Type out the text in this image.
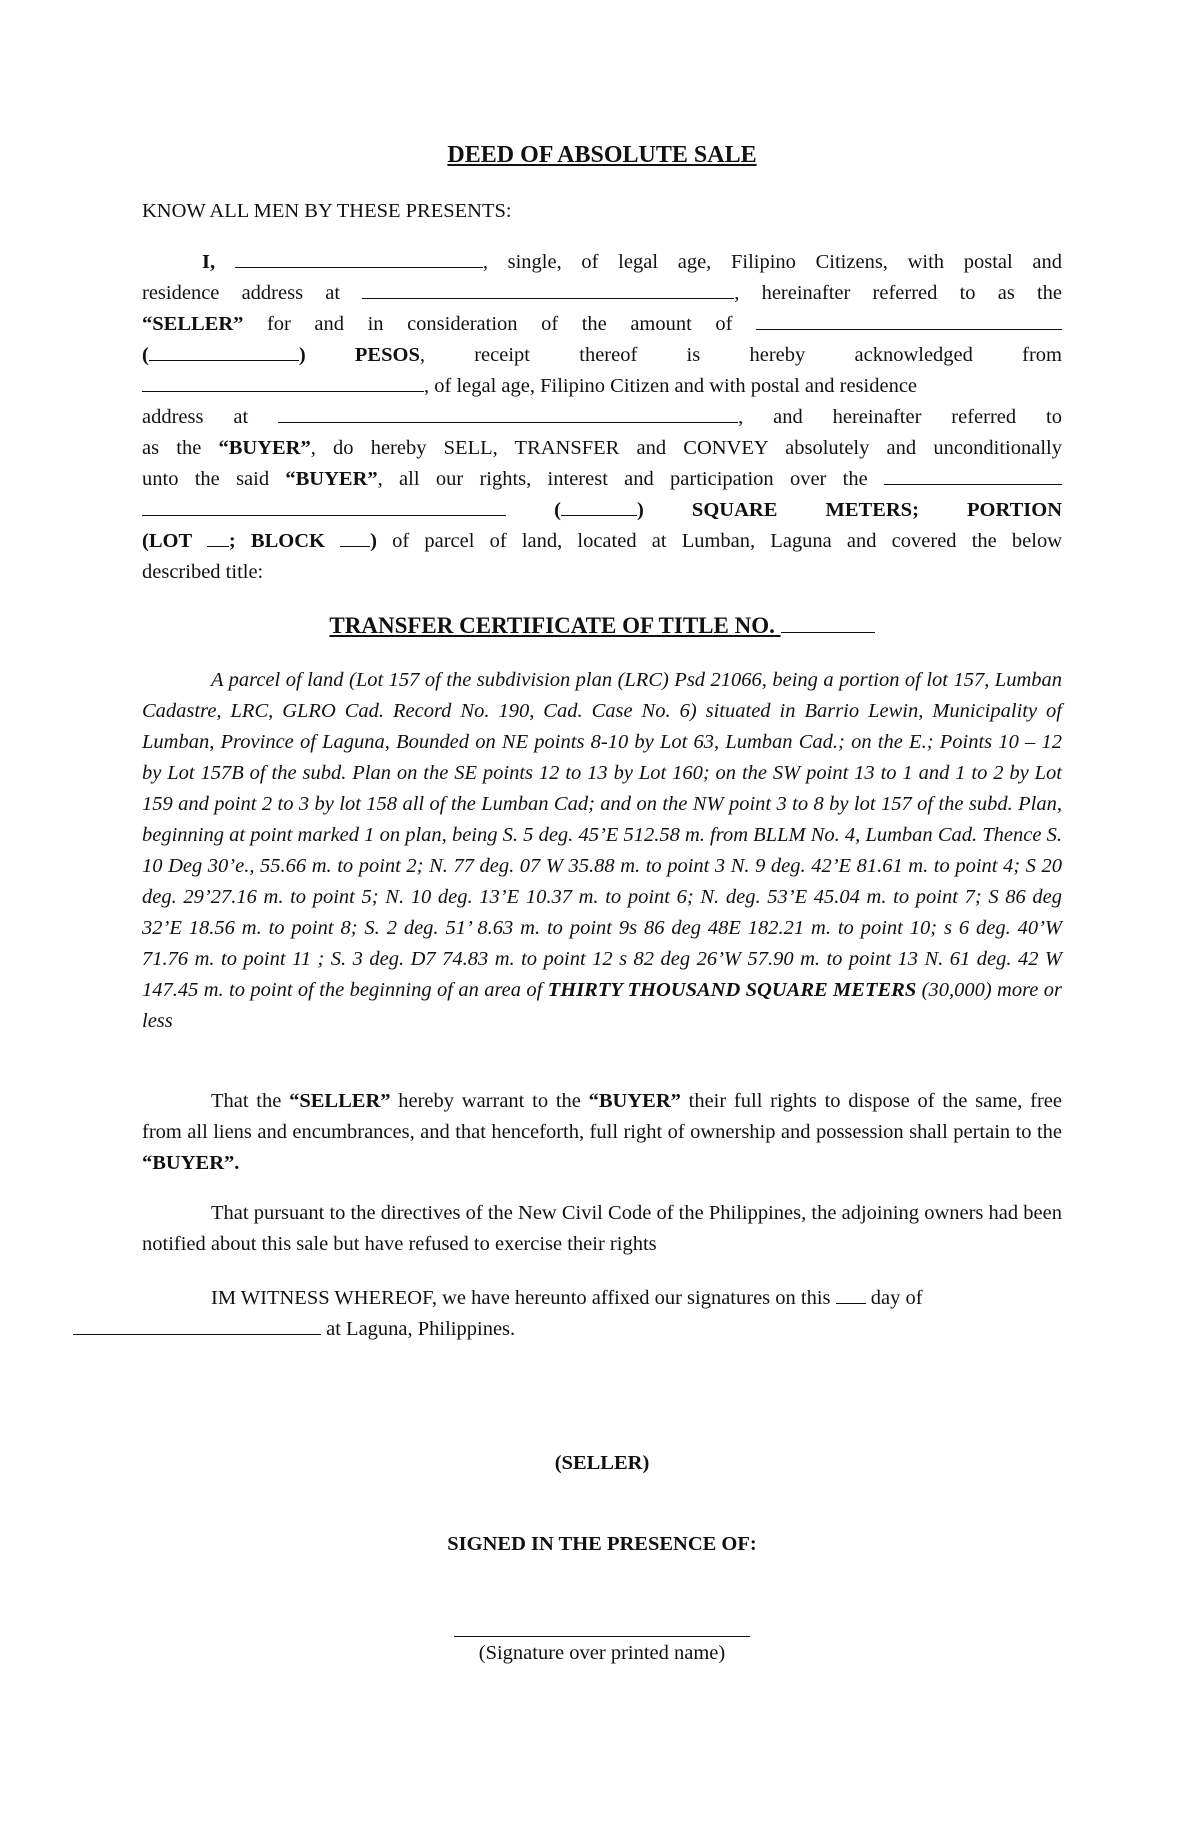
DEED OF ABSOLUTE SALE
KNOW ALL MEN BY THESE PRESENTS:
I,	, single, of legal age, Filipino Citizens, with postal and
residence address at	, hereinafter referred to as the
“SELLER” for and in consideration of the amount of
(	) PESOS, receipt thereof is hereby acknowledged from
, of legal age, Filipino Citizen and with postal and residence
address at	, and hereinafter referred to
as the “BUYER”, do hereby SELL, TRANSFER and CONVEY absolutely and unconditionally
unto the said “BUYER”, all our rights, interest and participation over the
(	) SQUARE METERS; PORTION
(LOT ; BLOCK ) of parcel of land, located at Lumban, Laguna and covered the below
described title:
TRANSFER CERTIFICATE OF TITLE NO.
A parcel of land (Lot 157 of the subdivision plan (LRC) Psd 21066, being a portion of lot 157, Lumban Cadastre, LRC, GLRO Cad. Record No. 190, Cad. Case No. 6) situated in Barrio Lewin, Municipality of Lumban, Province of Laguna, Bounded on NE points 8-10 by Lot 63, Lumban Cad.; on the E.; Points 10 – 12 by Lot 157B of the subd. Plan on the SE points 12 to 13 by Lot 160; on the SW point 13 to 1 and 1 to 2 by Lot 159 and point 2 to 3 by lot 158 all of the Lumban Cad; and on the NW point 3 to 8 by lot 157 of the subd. Plan, beginning at point marked 1 on plan, being S. 5 deg. 45’E 512.58 m. from BLLM No. 4, Lumban Cad. Thence S. 10 Deg 30’e., 55.66 m. to point 2; N. 77 deg. 07 W 35.88 m. to point 3 N. 9 deg. 42’E 81.61 m. to point 4; S 20 deg. 29’27.16 m. to point 5; N. 10 deg. 13’E 10.37 m. to point 6; N. deg. 53’E 45.04 m. to point 7; S 86 deg 32’E 18.56 m. to point 8; S. 2 deg. 51’ 8.63 m. to point 9s 86 deg 48E 182.21 m. to point 10; s 6 deg. 40’W 71.76 m. to point 11 ; S. 3 deg. D7 74.83 m. to point 12 s 82 deg 26’W 57.90 m. to point 13 N. 61 deg. 42 W 147.45 m. to point of the beginning of an area of THIRTY THOUSAND SQUARE METERS (30,000) more or less
That the “SELLER” hereby warrant to the “BUYER” their full rights to dispose of the same, free from all liens and encumbrances, and that henceforth, full right of ownership and possession shall pertain to the “BUYER”.
That pursuant to the directives of the New Civil Code of the Philippines, the adjoining owners had been notified about this sale but have refused to exercise their rights
IM WITNESS WHEREOF, we have hereunto affixed our signatures on this  day of
at Laguna, Philippines.
(SELLER)
SIGNED IN THE PRESENCE OF:
(Signature over printed name)
